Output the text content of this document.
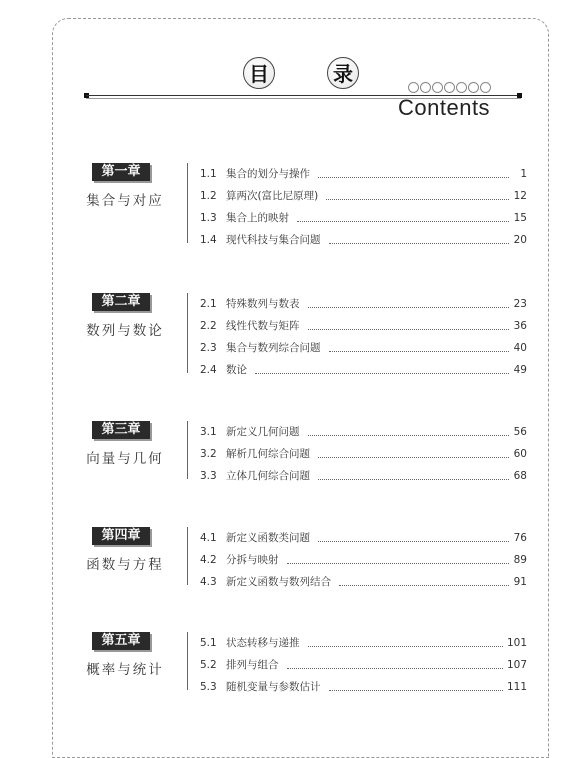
目	录
Contents
第一章
集合与对应
1.1 集合的划分与操作	1
1.2 算两次(富比尼原理)	12
1.3 集合上的映射	15
1.4 现代科技与集合问题	20
第二章
数列与数论
2.1 特殊数列与数表	23
2.2 线性代数与矩阵	36
2.3 集合与数列综合问题	40
2.4 数论	49
第三章
向量与几何
3.1 新定义几何问题	56
3.2 解析几何综合问题	60
3.3 立体几何综合问题	68
第四章
函数与方程
4.1 新定义函数类问题	76
4.2 分拆与映射	89
4.3 新定义函数与数列结合	91
第五章
概率与统计
5.1 状态转移与递推	101
5.2 排列与组合	107
5.3 随机变量与参数估计	111
